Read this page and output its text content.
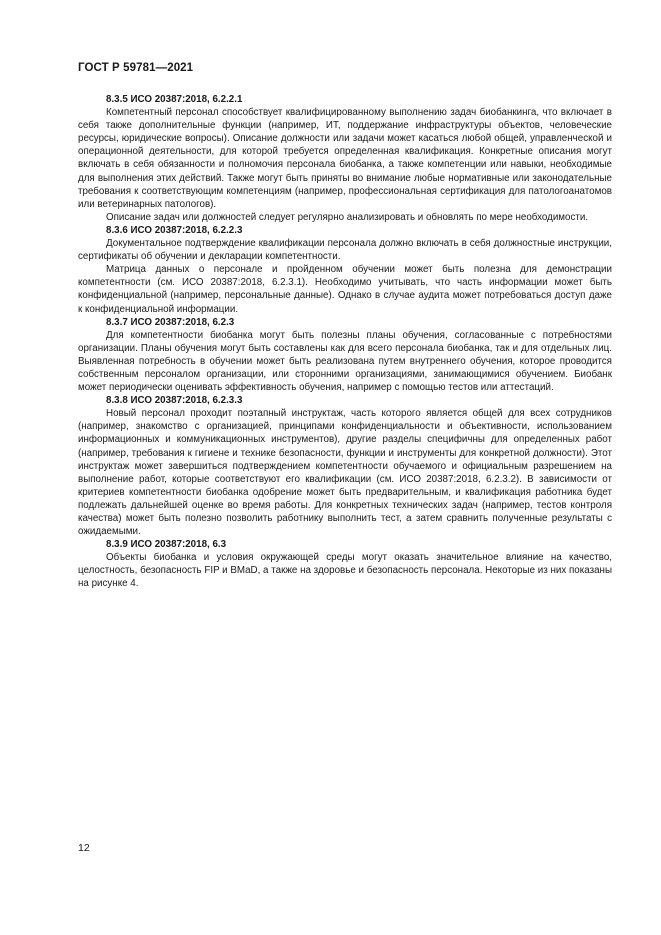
ГОСТ Р 59781—2021
8.3.5 ИСО 20387:2018, 6.2.2.1

Компетентный персонал способствует квалифицированному выполнению задач биобанкинга, что включает в себя также дополнительные функции (например, ИТ, поддержание инфраструктуры объектов, человеческие ресурсы, юридические вопросы). Описание должности или задачи может касаться любой общей, управленческой и операционной деятельности, для которой требуется определенная квалификация. Конкретные описания могут включать в себя обязанности и полномочия персонала биобанка, а также компетенции или навыки, необходимые для выполнения этих действий. Также могут быть приняты во внимание любые нормативные или законодательные требования к соответствующим компетенциям (например, профессиональная сертификация для патологоанатомов или ветеринарных патологов).

Описание задач или должностей следует регулярно анализировать и обновлять по мере необходимости.

8.3.6 ИСО 20387:2018, 6.2.2.3

Документальное подтверждение квалификации персонала должно включать в себя должностные инструкции, сертификаты об обучении и декларации компетентности.

Матрица данных о персонале и пройденном обучении может быть полезна для демонстрации компетентности (см. ИСО 20387:2018, 6.2.3.1). Необходимо учитывать, что часть информации может быть конфиденциальной (например, персональные данные). Однако в случае аудита может потребоваться доступ даже к конфиденциальной информации.

8.3.7 ИСО 20387:2018, 6.2.3

Для компетентности биобанка могут быть полезны планы обучения, согласованные с потребностями организации. Планы обучения могут быть составлены как для всего персонала биобанка, так и для отдельных лиц. Выявленная потребность в обучении может быть реализована путем внутреннего обучения, которое проводится собственным персоналом организации, или сторонними организациями, занимающимися обучением. Биобанк может периодически оценивать эффективность обучения, например с помощью тестов или аттестаций.

8.3.8 ИСО 20387:2018, 6.2.3.3

Новый персонал проходит поэтапный инструктаж, часть которого является общей для всех сотрудников (например, знакомство с организацией, принципами конфиденциальности и объективности, использованием информационных и коммуникационных инструментов), другие разделы специфичны для определенных работ (например, требования к гигиене и технике безопасности, функции и инструменты для конкретной должности). Этот инструктаж может завершиться подтверждением компетентности обучаемого и официальным разрешением на выполнение работ, которые соответствуют его квалификации (см. ИСО 20387:2018, 6.2.3.2). В зависимости от критериев компетентности биобанка одобрение может быть предварительным, и квалификация работника будет подлежать дальнейшей оценке во время работы. Для конкретных технических задач (например, тестов контроля качества) может быть полезно позволить работнику выполнить тест, а затем сравнить полученные результаты с ожидаемыми.

8.3.9 ИСО 20387:2018, 6.3

Объекты биобанка и условия окружающей среды могут оказать значительное влияние на качество, целостность, безопасность FIP и BMaD, а также на здоровье и безопасность персонала. Некоторые из них показаны на рисунке 4.

12
